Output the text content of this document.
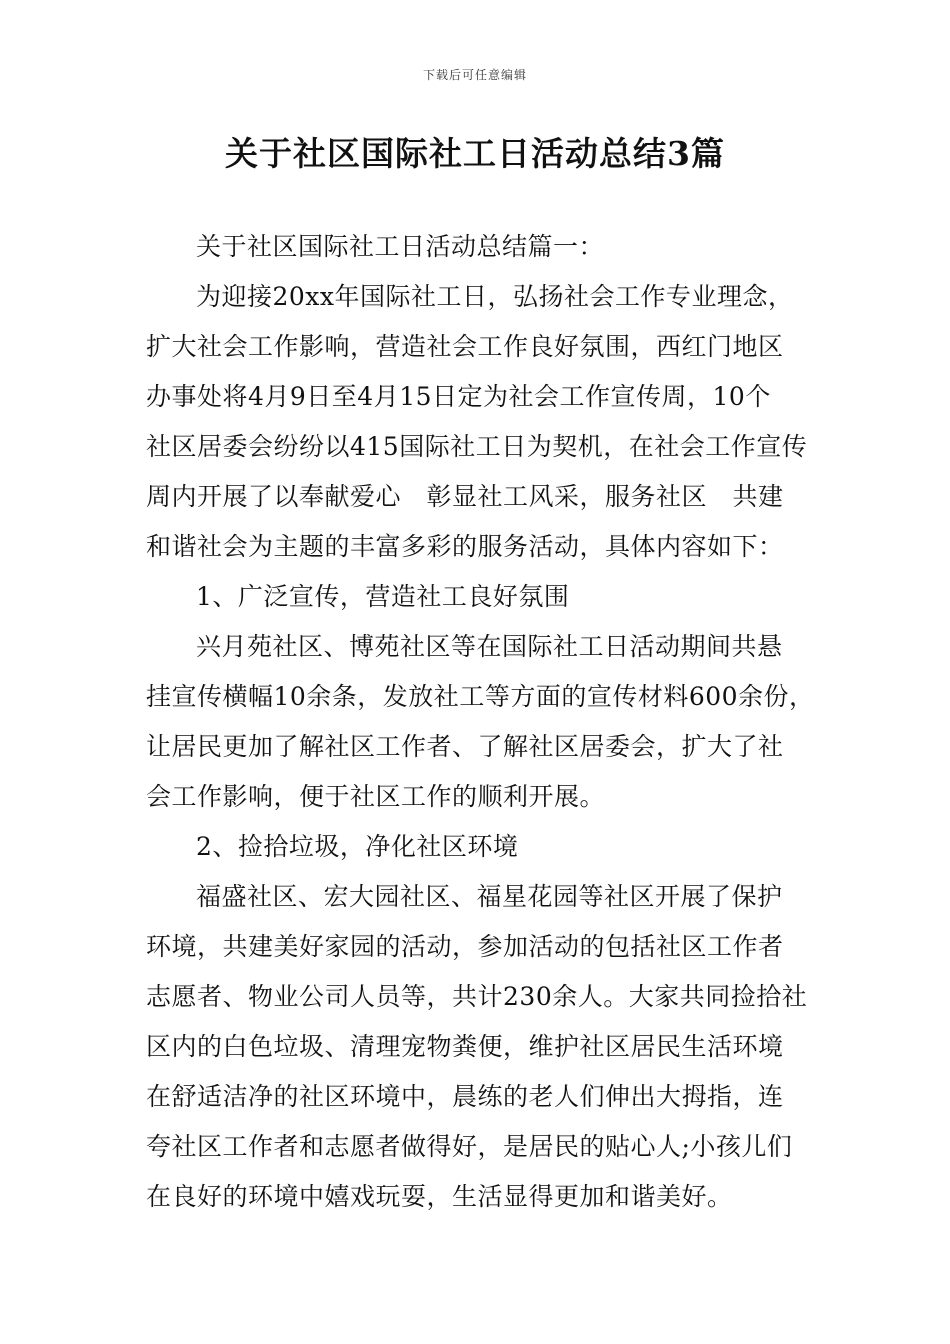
下载后可任意编辑
关于社区国际社工日活动总结3篇
关于社区国际社工日活动总结篇一：
为迎接20xx年国际社工日，弘扬社会工作专业理念，
扩大社会工作影响，营造社会工作良好氛围，西红门地区
办事处将4月9日至4月15日定为社会工作宣传周，10个
社区居委会纷纷以415国际社工日为契机，在社会工作宣传
周内开展了以奉献爱心　彰显社工风采，服务社区　共建
和谐社会为主题的丰富多彩的服务活动，具体内容如下：
1、广泛宣传，营造社工良好氛围
兴月苑社区、博苑社区等在国际社工日活动期间共悬
挂宣传横幅10余条，发放社工等方面的宣传材料600余份，
让居民更加了解社区工作者、了解社区居委会，扩大了社
会工作影响，便于社区工作的顺利开展。
2、捡拾垃圾，净化社区环境
福盛社区、宏大园社区、福星花园等社区开展了保护
环境，共建美好家园的活动，参加活动的包括社区工作者
志愿者、物业公司人员等，共计230余人。大家共同捡拾社
区内的白色垃圾、清理宠物粪便，维护社区居民生活环境
在舒适洁净的社区环境中，晨练的老人们伸出大拇指，连
夸社区工作者和志愿者做得好，是居民的贴心人;小孩儿们
在良好的环境中嬉戏玩耍，生活显得更加和谐美好。
